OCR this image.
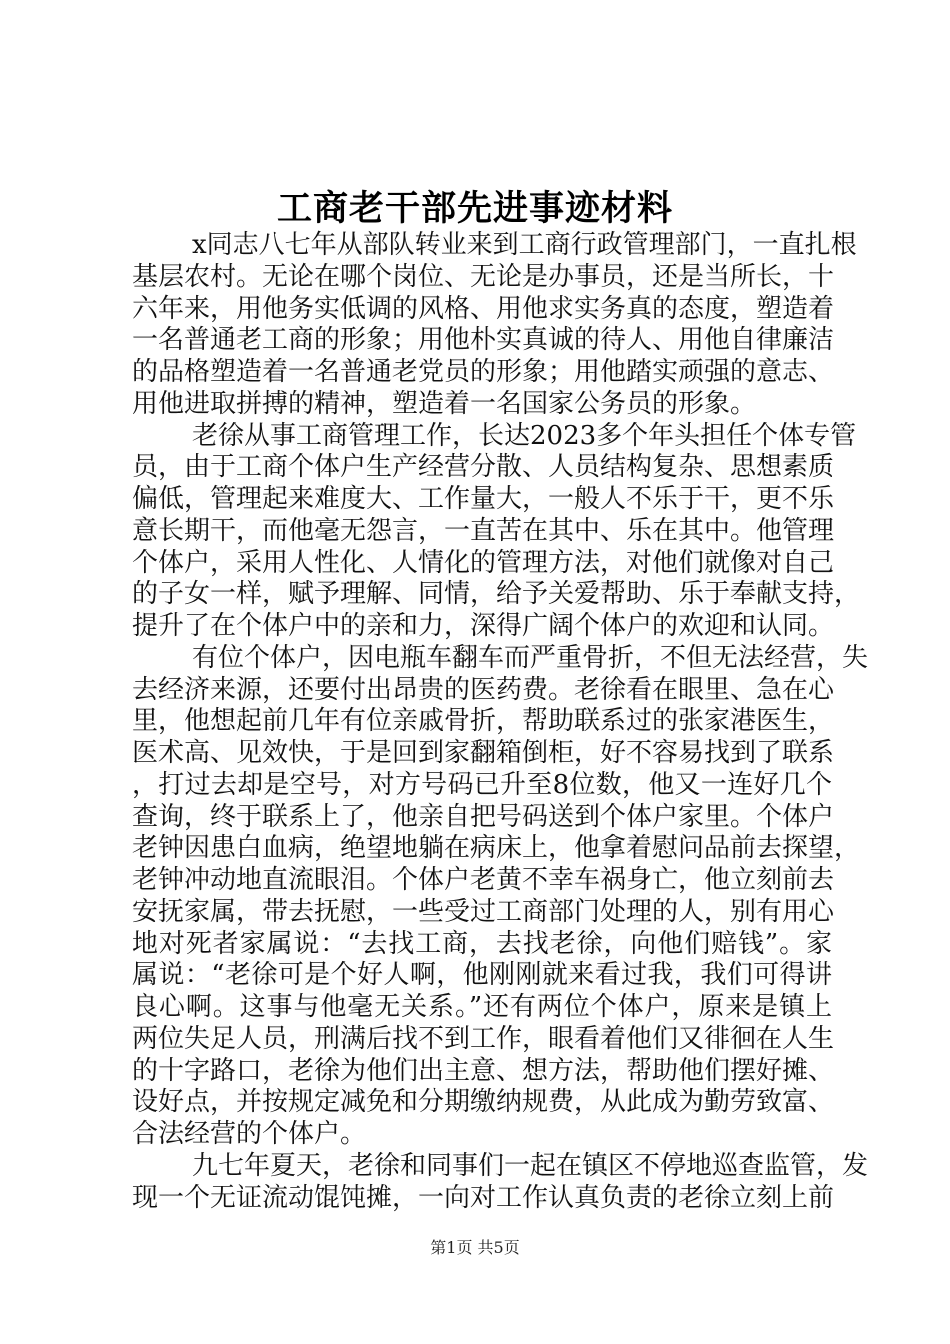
工商老干部先进事迹材料
x同志八七年从部队转业来到工商行政管理部门，一直扎根
基层农村。无论在哪个岗位、无论是办事员，还是当所长，十
六年来，用他务实低调的风格、用他求实务真的态度，塑造着
一名普通老工商的形象；用他朴实真诚的待人、用他自律廉洁
的品格塑造着一名普通老党员的形象；用他踏实顽强的意志、
用他进取拼搏的精神，塑造着一名国家公务员的形象。
老徐从事工商管理工作，长达2023多个年头担任个体专管
员，由于工商个体户生产经营分散、人员结构复杂、思想素质
偏低，管理起来难度大、工作量大，一般人不乐于干，更不乐
意长期干，而他毫无怨言，一直苦在其中、乐在其中。他管理
个体户，采用人性化、人情化的管理方法，对他们就像对自己
的子女一样，赋予理解、同情，给予关爱帮助、乐于奉献支持，
提升了在个体户中的亲和力，深得广阔个体户的欢迎和认同。
有位个体户，因电瓶车翻车而严重骨折，不但无法经营，失
去经济来源，还要付出昂贵的医药费。老徐看在眼里、急在心
里，他想起前几年有位亲戚骨折，帮助联系过的张家港医生，
医术高、见效快，于是回到家翻箱倒柜，好不容易找到了联系
，打过去却是空号，对方号码已升至8位数，他又一连好几个
查询，终于联系上了，他亲自把号码送到个体户家里。个体户
老钟因患白血病，绝望地躺在病床上，他拿着慰问品前去探望，
老钟冲动地直流眼泪。个体户老黄不幸车祸身亡，他立刻前去
安抚家属，带去抚慰，一些受过工商部门处理的人，别有用心
地对死者家属说：“去找工商，去找老徐，向他们赔钱”。家
属说：“老徐可是个好人啊，他刚刚就来看过我，我们可得讲
良心啊。这事与他毫无关系。”还有两位个体户，原来是镇上
两位失足人员，刑满后找不到工作，眼看着他们又徘徊在人生
的十字路口，老徐为他们出主意、想方法，帮助他们摆好摊、
设好点，并按规定减免和分期缴纳规费，从此成为勤劳致富、
合法经营的个体户。
九七年夏天，老徐和同事们一起在镇区不停地巡查监管，发
现一个无证流动馄饨摊，一向对工作认真负责的老徐立刻上前
第1页 共5页
